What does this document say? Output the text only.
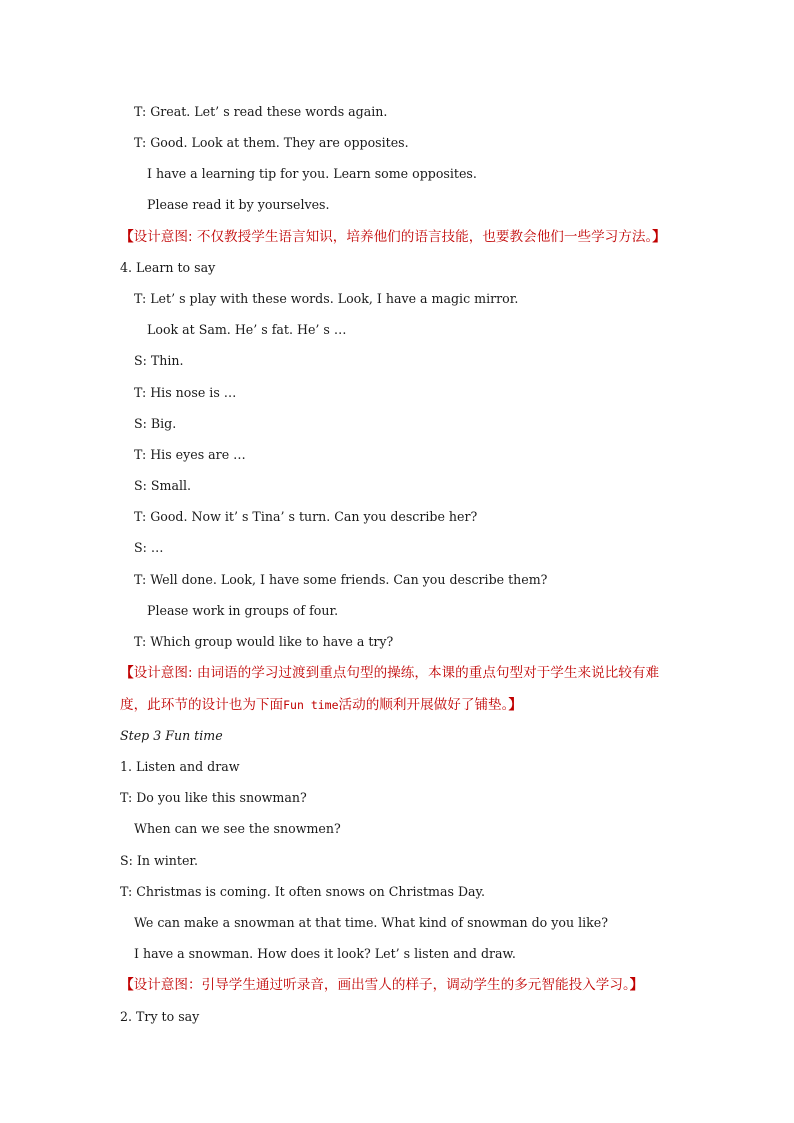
T: Great. Let’ s read these words again.
T: Good. Look at them. They are opposites.
I have a learning tip for you. Learn some opposites.
Please read it by yourselves.
【设计意图: 不仅教授学生语言知识，培养他们的语言技能，也要教会他们一些学习方法。】
4. Learn to say
T: Let’ s play with these words. Look, I have a magic mirror.
Look at Sam. He’ s fat. He’ s …
S: Thin.
T: His nose is …
S: Big.
T: His eyes are …
S: Small.
T: Good. Now it’ s Tina’ s turn. Can you describe her?
S: …
T: Well done. Look, I have some friends. Can you describe them?
Please work in groups of four.
T: Which group would like to have a try?
【设计意图: 由词语的学习过渡到重点句型的操练，本课的重点句型对于学生来说比较有难
度，此环节的设计也为下面Fun time活动的顺利开展做好了铺垫。】
Step 3 Fun time
1. Listen and draw
T: Do you like this snowman?
When can we see the snowmen?
S: In winter.
T: Christmas is coming. It often snows on Christmas Day.
We can make a snowman at that time. What kind of snowman do you like?
I have a snowman. How does it look? Let’ s listen and draw.
【设计意图：引导学生通过听录音，画出雪人的样子，调动学生的多元智能投入学习。】
2. Try to say
